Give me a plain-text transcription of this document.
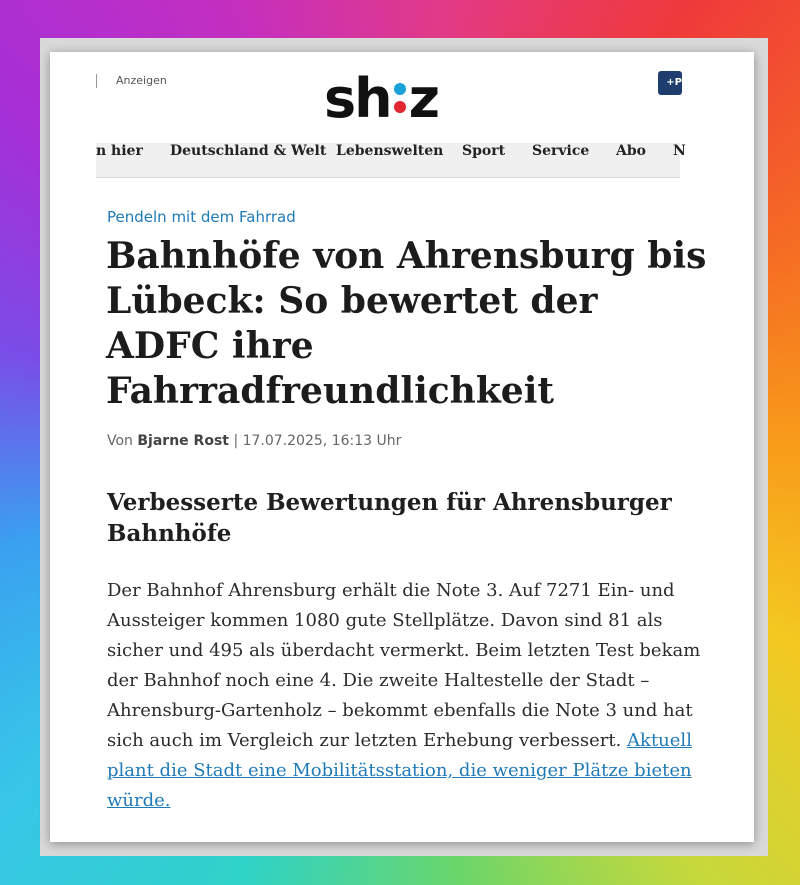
Anzeigen	sh z	+P
n hier Deutschland & Welt Lebenswelten Sport Service Abo N
Pendeln mit dem Fahrrad
Bahnhöfe von Ahrensburg bis Lübeck: So bewertet der ADFC ihre Fahrradfreundlichkeit
Von Bjarne Rost | 17.07.2025, 16:13 Uhr
Verbesserte Bewertungen für Ahrensburger Bahnhöfe

Der Bahnhof Ahrensburg erhält die Note 3. Auf 7271 Ein- und Aussteiger kommen 1080 gute Stellplätze. Davon sind 81 als sicher und 495 als überdacht vermerkt. Beim letzten Test bekam der Bahnhof noch eine 4. Die zweite Haltestelle der Stadt – Ahrensburg-Gartenholz – bekommt ebenfalls die Note 3 und hat sich auch im Vergleich zur letzten Erhebung verbessert. Aktuell plant die Stadt eine Mobilitätsstation, die weniger Plätze bieten würde.
